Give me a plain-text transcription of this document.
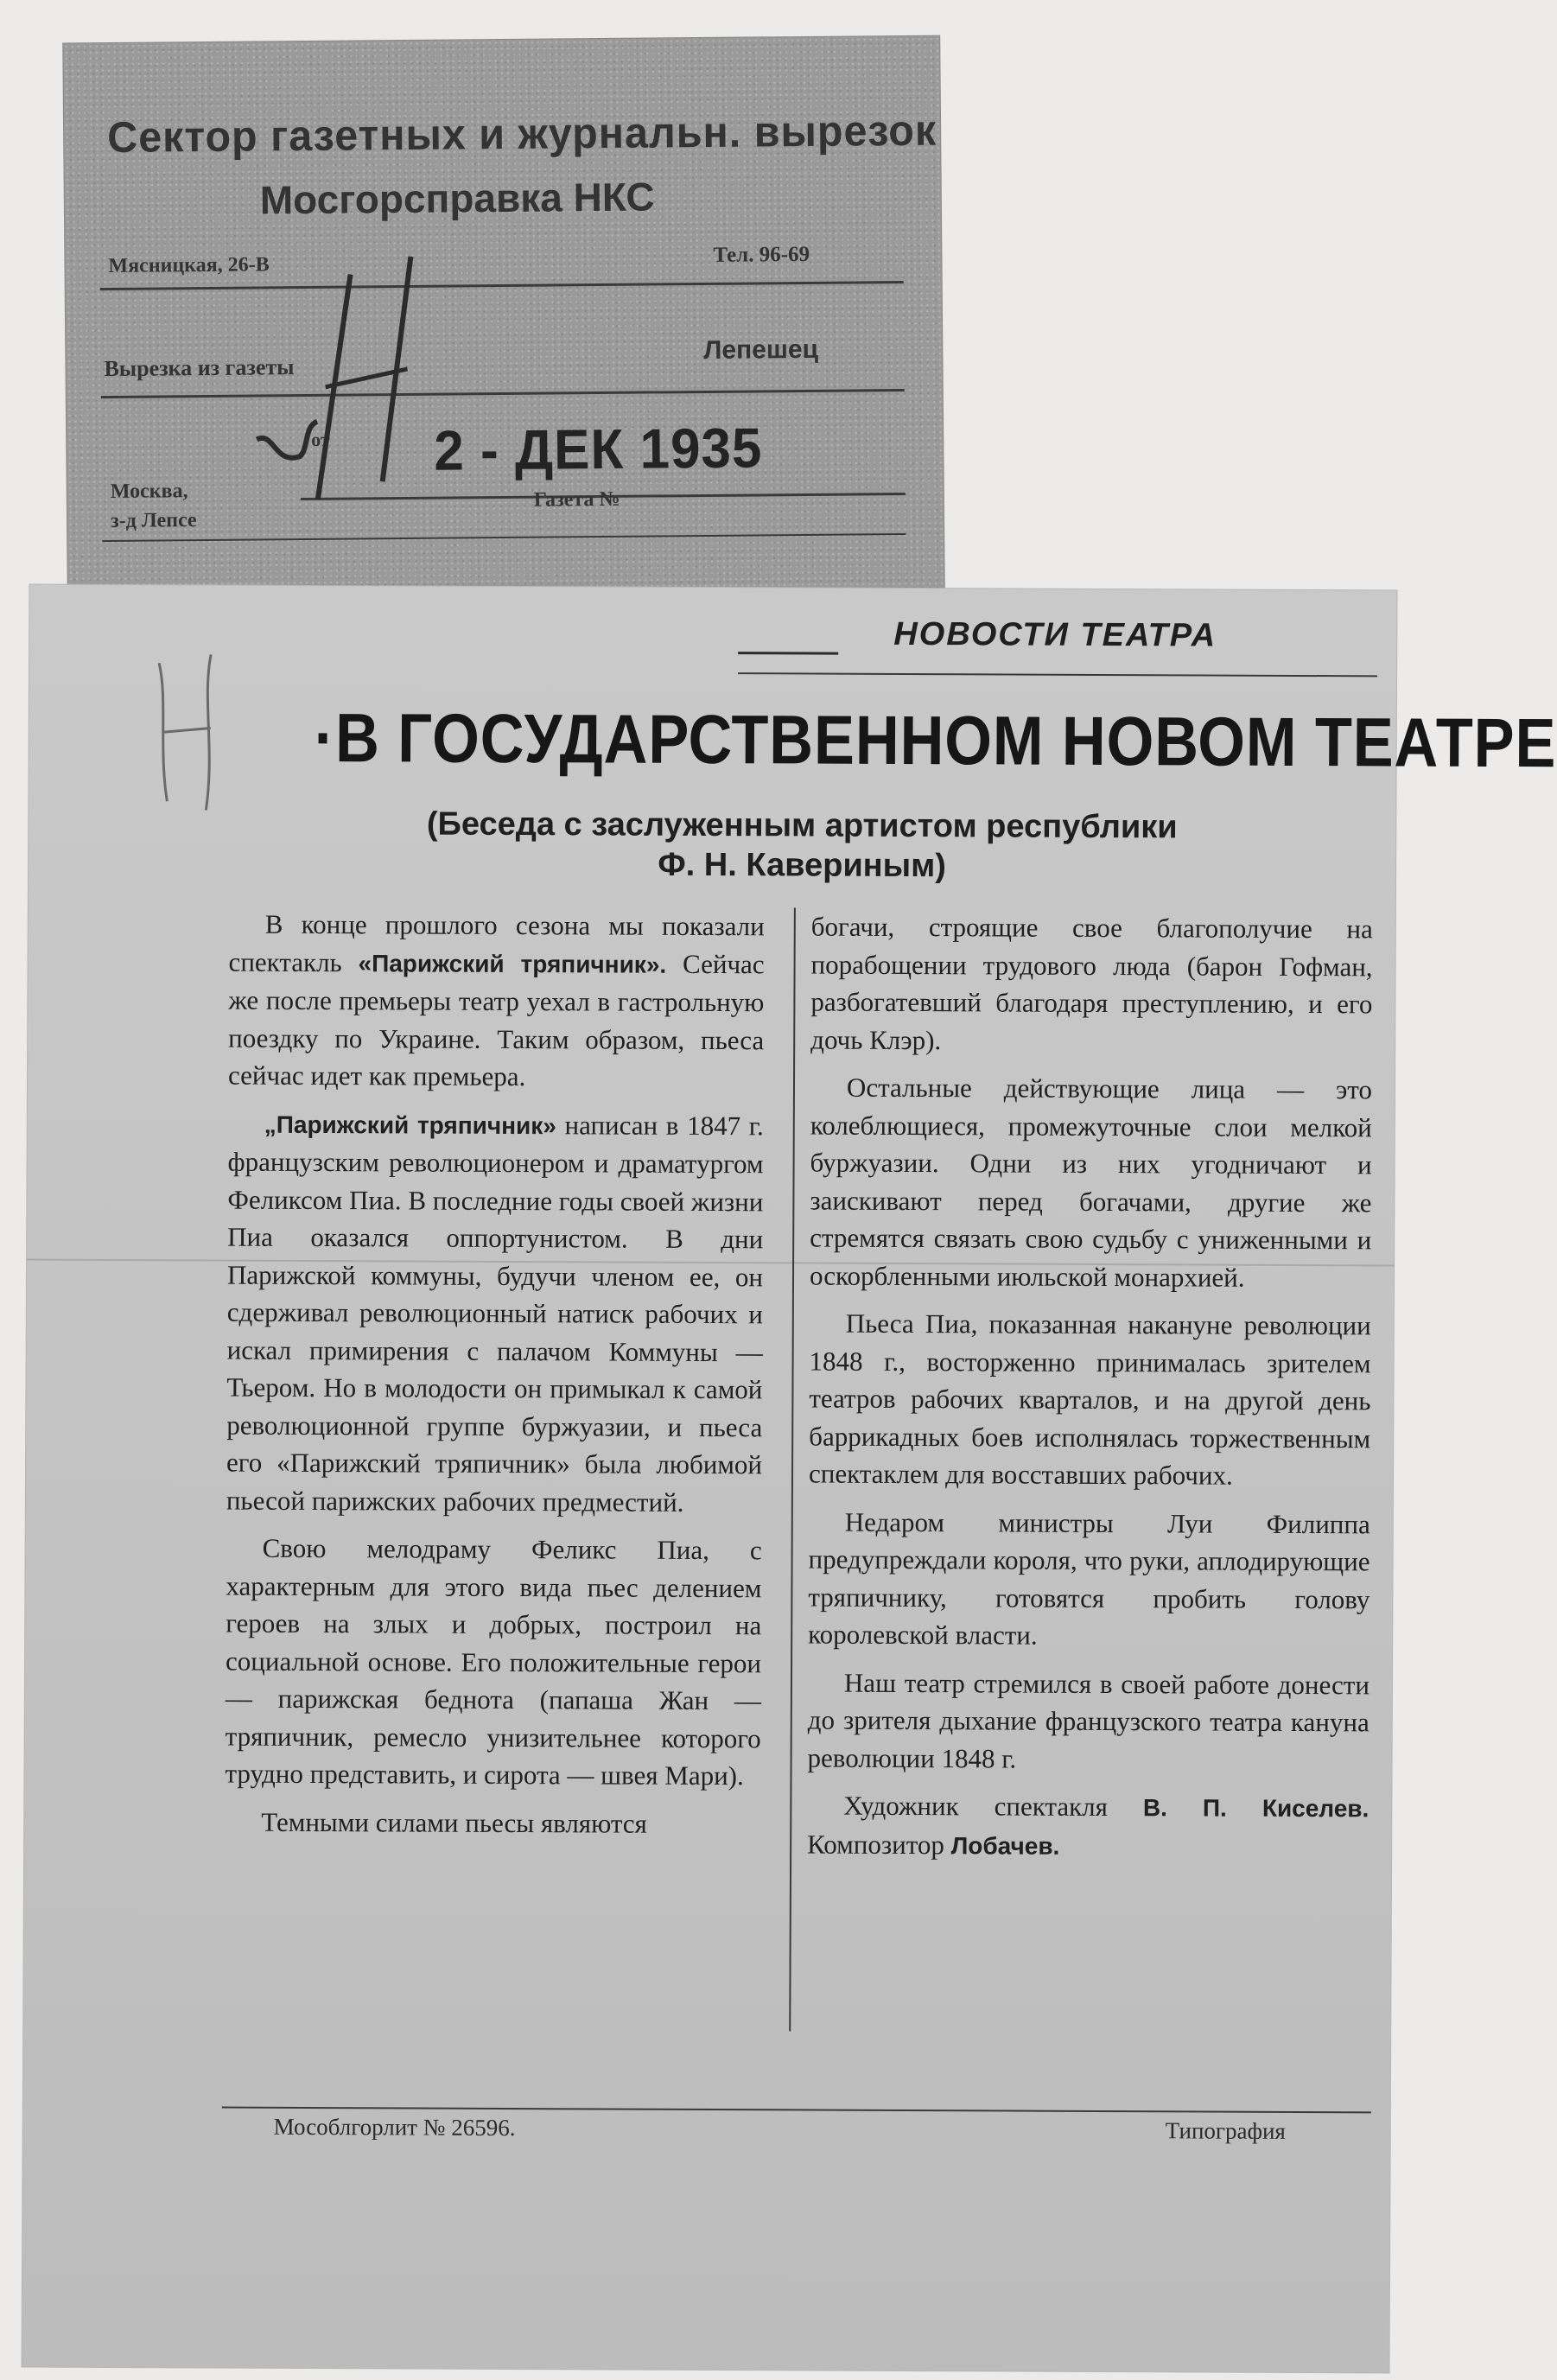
Сектор газетных и журнальн. вырезок
Мосгорсправка НКС
Мясницкая, 26-В	Тел. 96-69
Вырезка из газеты
Лепешец
от 2 - ДЕК 1935
Москва,
з-д Лепсе
Газета №
НОВОСТИ ТЕАТРА
·В ГОСУДАРСТВЕННОМ НОВОМ ТЕАТРЕ
(Беседа с заслуженным артистом республики
Ф. Н. Кавериным)

В конце прошлого сезона мы показали спектакль «Парижский тряпичник». Сейчас же после премьеры театр уехал в гастрольную поездку по Украине. Таким образом, пьеса сейчас идет как премьера.

„Парижский тряпичник» написан в 1847 г. французским революционером и драматургом Феликсом Пиа. В последние годы своей жизни Пиа оказался оппортунистом. В дни Парижской коммуны, будучи членом ее, он сдерживал революционный натиск рабочих и искал примирения с палачом Коммуны — Тьером. Но в молодости он примыкал к самой революционной группе буржуазии, и пьеса его «Парижский тряпичник» была любимой пьесой парижских рабочих предместий.

Свою мелодраму Феликс Пиа, с характерным для этого вида пьес делением героев на злых и добрых, построил на социальной основе. Его положительные герои — парижская беднота (папаша Жан — тряпичник, ремесло унизительнее которого трудно представить, и сирота — швея Мари).

Темными силами пьесы являются

богачи, строящие свое благополучие на порабощении трудового люда (барон Гофман, разбогатевший благодаря преступлению, и его дочь Клэр).

Остальные действующие лица — это колеблющиеся, промежуточные слои мелкой буржуазии. Одни из них угодничают и заискивают перед богачами, другие же стремятся связать свою судьбу с униженными и оскорбленными июльской монархией.

Пьеса Пиа, показанная накануне революции 1848 г., восторженно принималась зрителем театров рабочих кварталов, и на другой день баррикадных боев исполнялась торжественным спектаклем для восставших рабочих.

Недаром министры Луи Филиппа предупреждали короля, что руки, аплодирующие тряпичнику, готовятся пробить голову королевской власти.

Наш театр стремился в своей работе донести до зрителя дыхание французского театра кануна революции 1848 г.

Художник спектакля В. П. Киселев. Композитор Лобачев.

Мособлгорлит № 26596.	Типография
